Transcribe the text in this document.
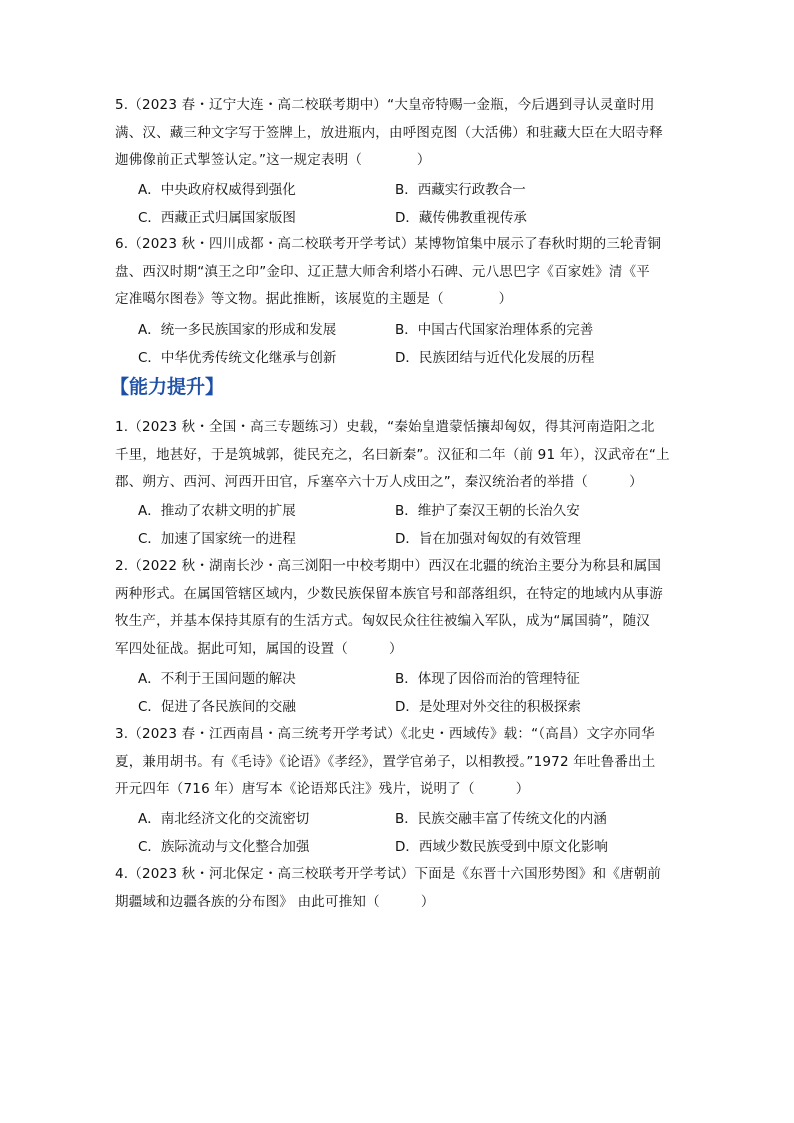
5.（2023 春・辽宁大连・高二校联考期中）“大皇帝特赐一金瓶，今后遇到寻认灵童时用

满、汉、藏三种文字写于签牌上，放进瓶内，由呼图克图（大活佛）和驻藏大臣在大昭寺释

迦佛像前正式掣签认定。”这一规定表明（　　　　）

A．中央政府权威得到强化	B．西藏实行政教合一
C．西藏正式归属国家版图	D．藏传佛教重视传承

6.（2023 秋・四川成都・高二校联考开学考试）某博物馆集中展示了春秋时期的三轮青铜

盘、西汉时期“滇王之印”金印、辽正慧大师舍利塔小石碑、元八思巴字《百家姓》清《平

定准噶尔图卷》等文物。据此推断，该展览的主题是（　　　　）

A．统一多民族国家的形成和发展	B．中国古代国家治理体系的完善
C．中华优秀传统文化继承与创新	D．民族团结与近代化发展的历程
【能力提升】

1.（2023 秋・全国・高三专题练习）史载，“秦始皇遣蒙恬攘却匈奴，得其河南造阳之北

千里，地甚好，于是筑城郭，徙民充之，名曰新秦”。汉征和二年（前 91 年），汉武帝在“上

郡、朔方、西河、河西开田官，斥塞卒六十万人戍田之”，秦汉统治者的举措（　　　）

A．推动了农耕文明的扩展	B．维护了秦汉王朝的长治久安
C．加速了国家统一的进程	D．旨在加强对匈奴的有效管理

2.（2022 秋・湖南长沙・高三浏阳一中校考期中）西汉在北疆的统治主要分为称县和属国

两种形式。在属国管辖区域内，少数民族保留本族官号和部落组织，在特定的地域内从事游

牧生产，并基本保持其原有的生活方式。匈奴民众往往被编入军队，成为“属国骑”，随汉

军四处征战。据此可知，属国的设置（　　　）

A．不利于王国问题的解决	B．体现了因俗而治的管理特征
C．促进了各民族间的交融	D．是处理对外交往的积极探索

3.（2023 春・江西南昌・高三统考开学考试）《北史・西域传》载：“（高昌）文字亦同华

夏，兼用胡书。有《毛诗》《论语》《孝经》，置学官弟子，以相教授。”1972 年吐鲁番出土

开元四年（716 年）唐写本《论语郑氏注》残片，说明了（　　　）

A．南北经济文化的交流密切	B．民族交融丰富了传统文化的内涵
C．族际流动与文化整合加强	D．西域少数民族受到中原文化影响

4.（2023 秋・河北保定・高三校联考开学考试）下面是《东晋十六国形势图》和《唐朝前

期疆域和边疆各族的分布图》 由此可推知（　　　）
